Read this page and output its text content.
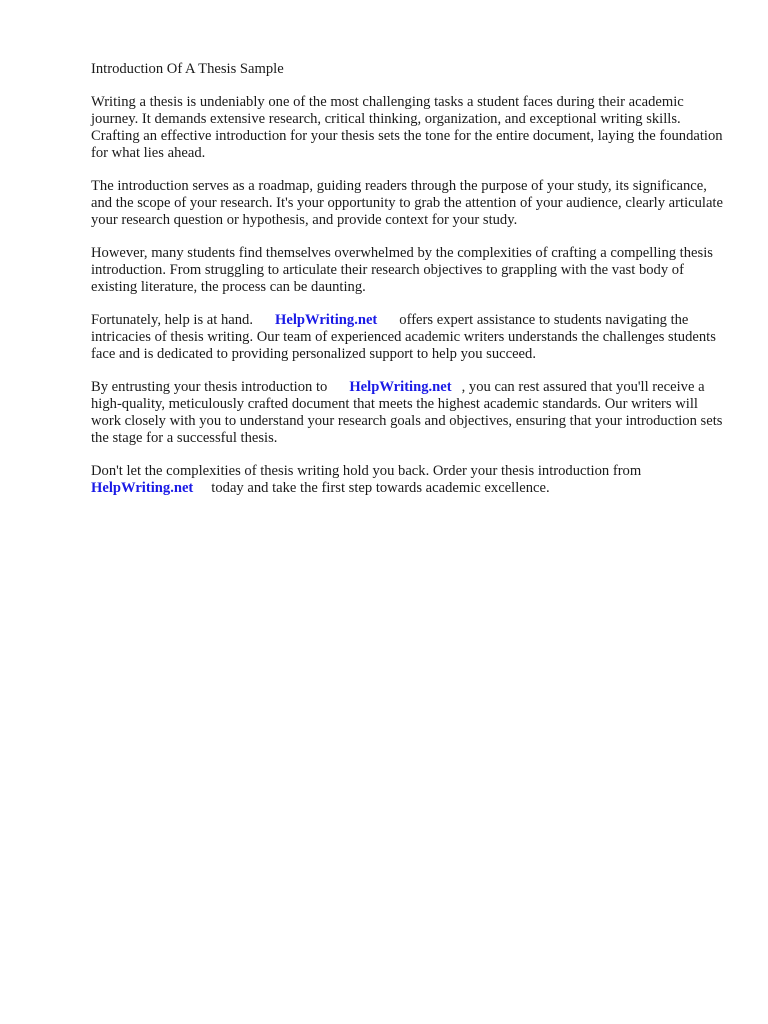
Introduction Of A Thesis Sample

Writing a thesis is undeniably one of the most challenging tasks a student faces during their academic journey. It demands extensive research, critical thinking, organization, and exceptional writing skills. Crafting an effective introduction for your thesis sets the tone for the entire document, laying the foundation for what lies ahead.

The introduction serves as a roadmap, guiding readers through the purpose of your study, its significance, and the scope of your research. It's your opportunity to grab the attention of your audience, clearly articulate your research question or hypothesis, and provide context for your study.

However, many students find themselves overwhelmed by the complexities of crafting a compelling thesis introduction. From struggling to articulate their research objectives to grappling with the vast body of existing literature, the process can be daunting.

Fortunately, help is at hand. HelpWriting.net offers expert assistance to students navigating the intricacies of thesis writing. Our team of experienced academic writers understands the challenges students face and is dedicated to providing personalized support to help you succeed.

By entrusting your thesis introduction to HelpWriting.net , you can rest assured that you'll receive a high-quality, meticulously crafted document that meets the highest academic standards. Our writers will work closely with you to understand your research goals and objectives, ensuring that your introduction sets the stage for a successful thesis.

Don't let the complexities of thesis writing hold you back. Order your thesis introduction from HelpWriting.net today and take the first step towards academic excellence.
